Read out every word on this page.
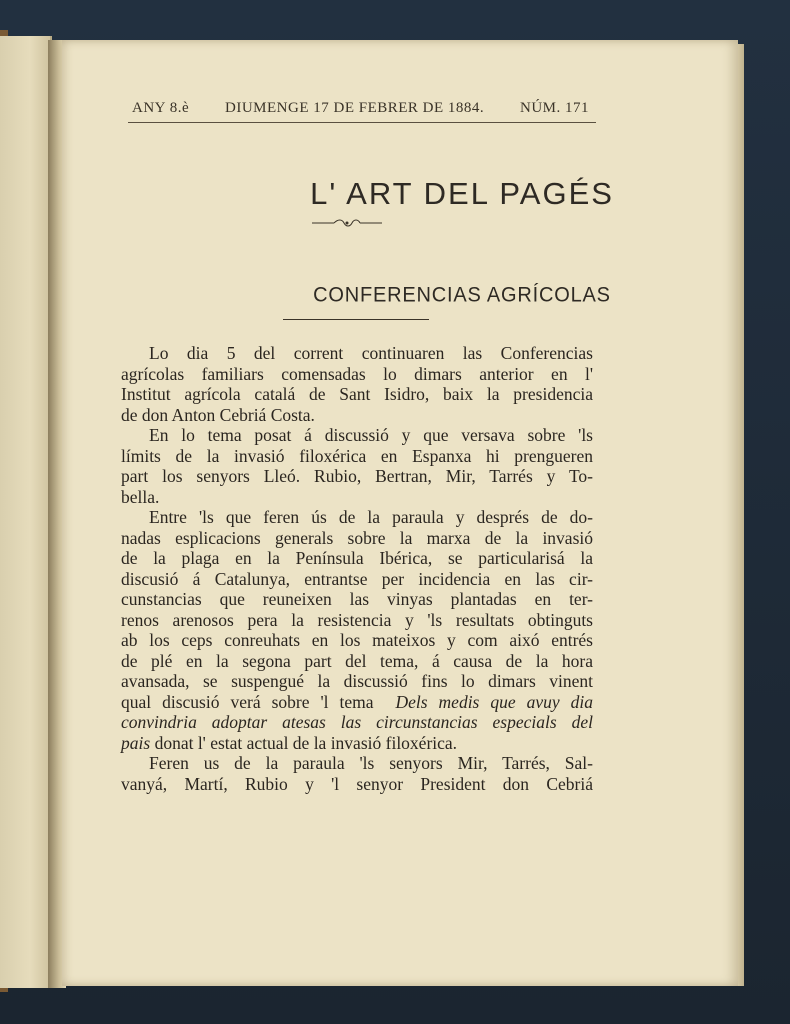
ANY 8.è DIUMENGE 17 DE FEBRER DE 1884. NÚM. 171
L' ART DEL PAGÉS
CONFERENCIAS AGRÍCOLAS
Lo dia 5 del corrent continuaren las Conferencias
agrícolas familiars comensadas lo dimars anterior en l'
Institut agrícola catalá de Sant Isidro, baix la presidencia
de don Anton Cebriá Costa.
En lo tema posat á discussió y que versava sobre 'ls
límits de la invasió filoxérica en Espanxa hi prengueren
part los senyors Lleó. Rubio, Bertran, Mir, Tarrés y To-
bella.
Entre 'ls que feren ús de la paraula y després de do-
nadas esplicacions generals sobre la marxa de la invasió
de la plaga en la Península Ibérica, se particularisá la
discusió á Catalunya, entrantse per incidencia en las cir-
cunstancias que reuneixen las vinyas plantadas en ter-
renos arenosos pera la resistencia y 'ls resultats obtinguts
ab los ceps conreuhats en los mateixos y com aixó entrés
de plé en la segona part del tema, á causa de la hora
avansada, se suspengué la discussió fins lo dimars vinent
qual discusió verá sobre 'l tema Dels medis que avuy dia
convindria adoptar atesas las circunstancias especials del
pais donat l' estat actual de la invasió filoxérica.
Feren us de la paraula 'ls senyors Mir, Tarrés, Sal-
vanyá, Martí, Rubio y 'l senyor President don Cebriá
